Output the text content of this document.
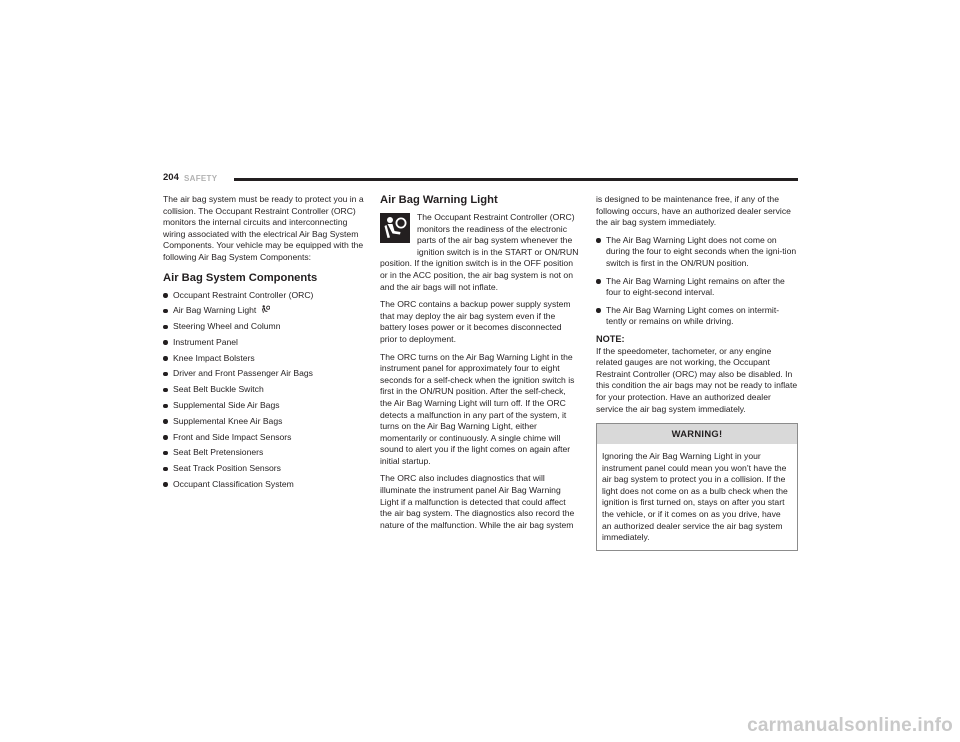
204 SAFETY

The air bag system must be ready to protect you in a collision. The Occupant Restraint Controller (ORC) monitors the internal circuits and interconnecting wiring associated with the electrical Air Bag System Components. Your vehicle may be equipped with the following Air Bag System Components:

Air Bag System Components
Occupant Restraint Controller (ORC)
Air Bag Warning Light
Steering Wheel and Column
Instrument Panel
Knee Impact Bolsters
Driver and Front Passenger Air Bags
Seat Belt Buckle Switch
Supplemental Side Air Bags
Supplemental Knee Air Bags
Front and Side Impact Sensors
Seat Belt Pretensioners
Seat Track Position Sensors
Occupant Classification System
Air Bag Warning Light

The Occupant Restraint Controller (ORC)
monitors the readiness of the electronic
parts of the air bag system whenever the
ignition switch is in the START or ON/RUN
position. If the ignition switch is in the OFF position or in the ACC position, the air bag system is not on and the air bags will not inflate.

The ORC contains a backup power supply system that may deploy the air bag system even if the battery loses power or it becomes disconnected prior to deployment.

The ORC turns on the Air Bag Warning Light in the instrument panel for approximately four to eight seconds for a self-check when the ignition switch is first in the ON/RUN position. After the self-check, the Air Bag Warning Light will turn off. If the ORC detects a malfunction in any part of the system, it turns on the Air Bag Warning Light, either momentarily or continuously. A single chime will sound to alert you if the light comes on again after initial startup.

The ORC also includes diagnostics that will illuminate the instrument panel Air Bag Warning Light if a malfunction is detected that could affect the air bag system. The diagnostics also record the nature of the malfunction. While the air bag system

is designed to be maintenance free, if any of the following occurs, have an authorized dealer service the air bag system immediately.

The Air Bag Warning Light does not come on during the four to eight seconds when the igni-tion switch is first in the ON/RUN position.
The Air Bag Warning Light remains on after the four to eight-second interval.
The Air Bag Warning Light comes on intermit-tently or remains on while driving.
NOTE:

If the speedometer, tachometer, or any engine related gauges are not working, the Occupant Restraint Controller (ORC) may also be disabled. In this condition the air bags may not be ready to inflate for your protection. Have an authorized dealer service the air bag system immediately.

WARNING!
Ignoring the Air Bag Warning Light in your instrument panel could mean you won’t have the air bag system to protect you in a collision. If the light does not come on as a bulb check when the ignition is first turned on, stays on after you start the vehicle, or if it comes on as you drive, have an authorized dealer service the air bag system immediately.
carmanualsonline.info
